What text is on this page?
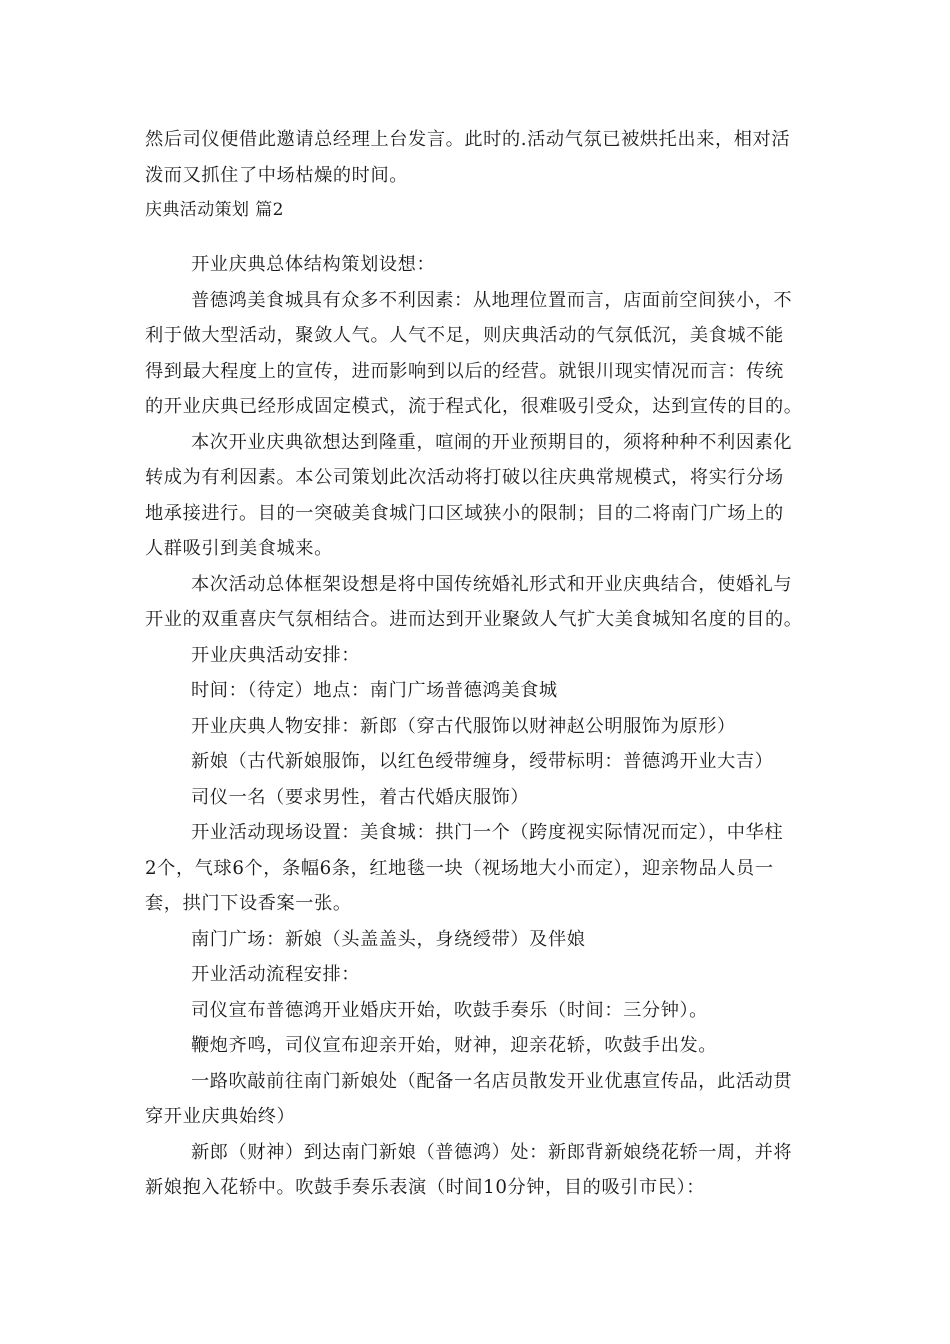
然后司仪便借此邀请总经理上台发言。此时的.活动气氛已被烘托出来，相对活
泼而又抓住了中场枯燥的时间。
庆典活动策划 篇2
开业庆典总体结构策划设想：
普德鸿美食城具有众多不利因素：从地理位置而言，店面前空间狭小，不
利于做大型活动，聚敛人气。人气不足，则庆典活动的气氛低沉，美食城不能
得到最大程度上的宣传，进而影响到以后的经营。就银川现实情况而言：传统
的开业庆典已经形成固定模式，流于程式化，很难吸引受众，达到宣传的目的。
本次开业庆典欲想达到隆重，喧闹的开业预期目的，须将种种不利因素化
转成为有利因素。本公司策划此次活动将打破以往庆典常规模式，将实行分场
地承接进行。目的一突破美食城门口区域狭小的限制；目的二将南门广场上的
人群吸引到美食城来。
本次活动总体框架设想是将中国传统婚礼形式和开业庆典结合，使婚礼与
开业的双重喜庆气氛相结合。进而达到开业聚敛人气扩大美食城知名度的目的。
开业庆典活动安排：
时间：（待定）地点：南门广场普德鸿美食城
开业庆典人物安排：新郎（穿古代服饰以财神赵公明服饰为原形）
新娘（古代新娘服饰，以红色绶带缠身，绶带标明：普德鸿开业大吉）
司仪一名（要求男性，着古代婚庆服饰）
开业活动现场设置：美食城：拱门一个（跨度视实际情况而定），中华柱
2个，气球6个，条幅6条，红地毯一块（视场地大小而定），迎亲物品人员一
套，拱门下设香案一张。
南门广场：新娘（头盖盖头，身绕绶带）及伴娘
开业活动流程安排：
司仪宣布普德鸿开业婚庆开始，吹鼓手奏乐（时间：三分钟）。
鞭炮齐鸣，司仪宣布迎亲开始，财神，迎亲花轿，吹鼓手出发。
一路吹敲前往南门新娘处（配备一名店员散发开业优惠宣传品，此活动贯
穿开业庆典始终）
新郎（财神）到达南门新娘（普德鸿）处：新郎背新娘绕花轿一周，并将
新娘抱入花轿中。吹鼓手奏乐表演（时间10分钟，目的吸引市民）：
